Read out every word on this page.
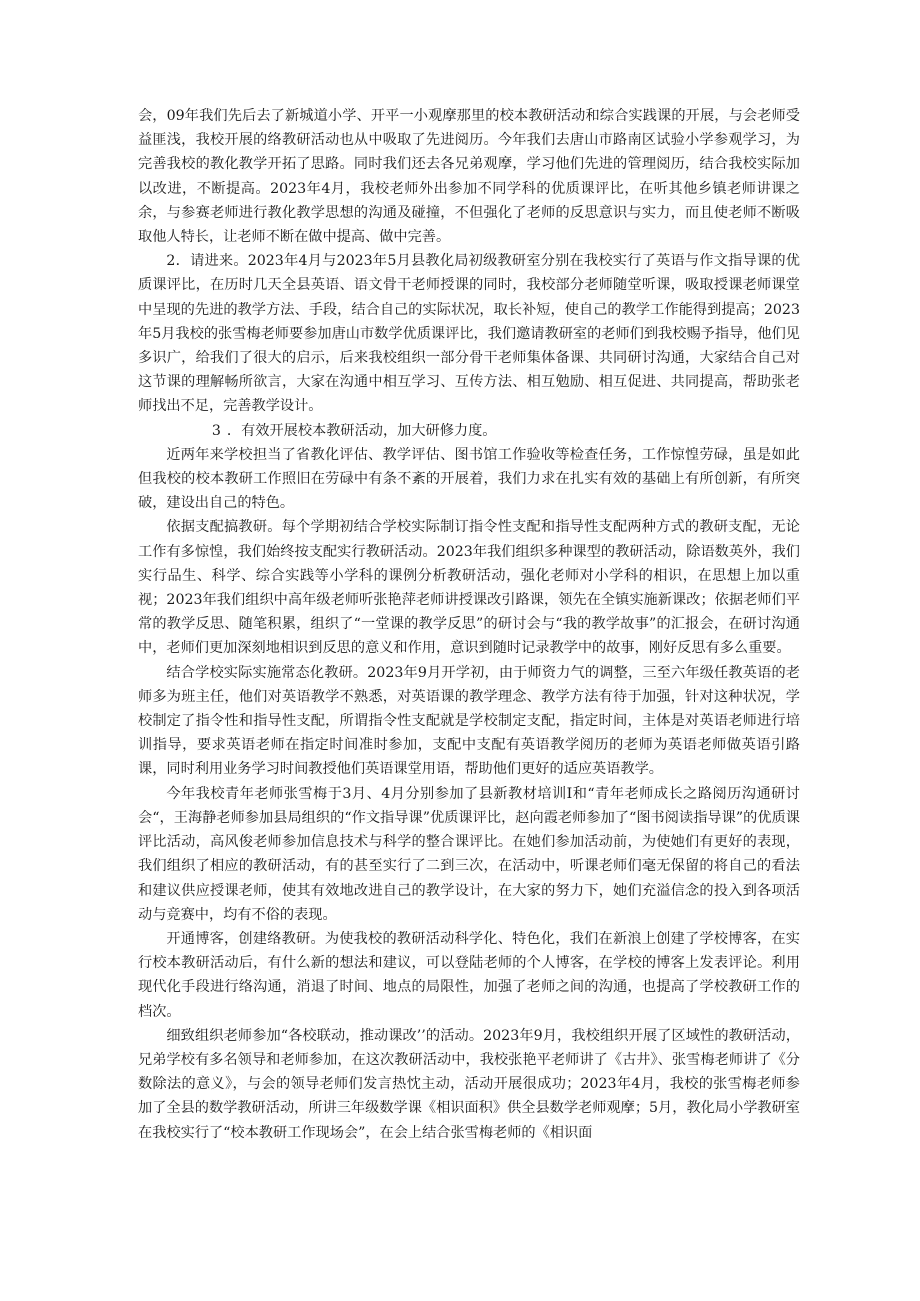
会，09年我们先后去了新城道小学、开平一小观摩那里的校本教研活动和综合实践课的开展，与会老师受益匪浅，我校开展的络教研活动也从中吸取了先进阅历。今年我们去唐山市路南区试验小学参观学习，为完善我校的教化教学开拓了思路。同时我们还去各兄弟观摩，学习他们先进的管理阅历，结合我校实际加以改进，不断提高。2023年4月，我校老师外出参加不同学科的优质课评比，在听其他乡镇老师讲课之余，与参赛老师进行教化教学思想的沟通及碰撞，不但强化了老师的反思意识与实力，而且使老师不断吸取他人特长，让老师不断在做中提高、做中完善。

2．请进来。2023年4月与2023年5月县教化局初级教研室分别在我校实行了英语与作文指导课的优质课评比，在历时几天全县英语、语文骨干老师授课的同时，我校部分老师随堂听课，吸取授课老师课堂中呈现的先进的教学方法、手段，结合自己的实际状况，取长补短，使自己的教学工作能得到提高；2023年5月我校的张雪梅老师要参加唐山市数学优质课评比，我们邀请教研室的老师们到我校赐予指导，他们见多识广，给我们了很大的启示，后来我校组织一部分骨干老师集体备课、共同研讨沟通，大家结合自己对这节课的理解畅所欲言，大家在沟通中相互学习、互传方法、相互勉励、相互促进、共同提高，帮助张老师找出不足，完善教学设计。

3 ．有效开展校本教研活动，加大研修力度。

近两年来学校担当了省教化评估、教学评估、图书馆工作验收等检查任务，工作惊惶劳碌，虽是如此但我校的校本教研工作照旧在劳碌中有条不紊的开展着，我们力求在扎实有效的基础上有所创新，有所突破，建设出自己的特色。

依据支配搞教研。每个学期初结合学校实际制订指令性支配和指导性支配两种方式的教研支配，无论工作有多惊惶，我们始终按支配实行教研活动。2023年我们组织多种课型的教研活动，除语数英外，我们实行品生、科学、综合实践等小学科的课例分析教研活动，强化老师对小学科的相识，在思想上加以重视；2023年我们组织中高年级老师听张艳萍老师讲授课改引路课，领先在全镇实施新课改；依据老师们平常的教学反思、随笔积累，组织了“一堂课的教学反思”的研讨会与“我的教学故事”的汇报会，在研讨沟通中，老师们更加深刻地相识到反思的意义和作用，意识到随时记录教学中的故事，刚好反思有多么重要。

结合学校实际实施常态化教研。2023年9月开学初，由于师资力气的调整，三至六年级任教英语的老师多为班主任，他们对英语教学不熟悉，对英语课的教学理念、教学方法有待于加强，针对这种状况，学校制定了指令性和指导性支配，所谓指令性支配就是学校制定支配，指定时间，主体是对英语老师进行培训指导，要求英语老师在指定时间准时参加，支配中支配有英语教学阅历的老师为英语老师做英语引路课，同时利用业务学习时间教授他们英语课堂用语，帮助他们更好的适应英语教学。

今年我校青年老师张雪梅于3月、4月分别参加了县新教材培训Ⅰ和“青年老师成长之路阅历沟通研讨会“，王海静老师参加县局组织的“作文指导课”优质课评比，赵向霞老师参加了“图书阅读指导课”的优质课评比活动，高风俊老师参加信息技术与科学的整合课评比。在她们参加活动前，为使她们有更好的表现，我们组织了相应的教研活动，有的甚至实行了二到三次，在活动中，听课老师们毫无保留的将自己的看法和建议供应授课老师，使其有效地改进自己的教学设计，在大家的努力下，她们充溢信念的投入到各项活动与竞赛中，均有不俗的表现。

开通博客，创建络教研。为使我校的教研活动科学化、特色化，我们在新浪上创建了学校博客，在实行校本教研活动后，有什么新的想法和建议，可以登陆老师的个人博客，在学校的博客上发表评论。利用现代化手段进行络沟通，消退了时间、地点的局限性，加强了老师之间的沟通，也提高了学校教研工作的档次。

细致组织老师参加“各校联动，推动课改’’的活动。2023年9月，我校组织开展了区域性的教研活动，兄弟学校有多名领导和老师参加，在这次教研活动中，我校张艳平老师讲了《古井》、张雪梅老师讲了《分数除法的意义》，与会的领导老师们发言热忱主动，活动开展很成功；2023年4月，我校的张雪梅老师参加了全县的数学教研活动，所讲三年级数学课《相识面积》供全县数学老师观摩；5月，教化局小学教研室在我校实行了“校本教研工作现场会”，在会上结合张雪梅老师的《相识面
